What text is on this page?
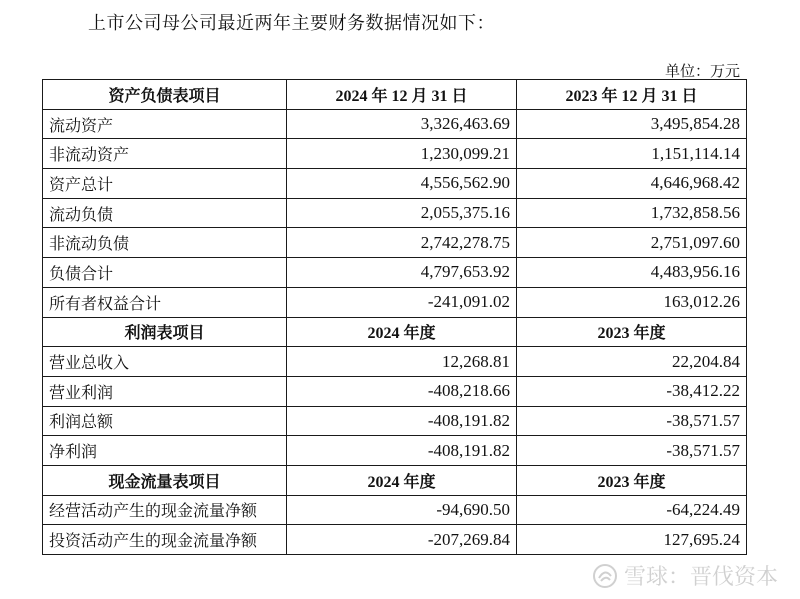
上市公司母公司最近两年主要财务数据情况如下：
单位：万元
资产负债表项目	2024 年 12 月 31 日	2023 年 12 月 31 日
流动资产	3,326,463.69	3,495,854.28
非流动资产	1,230,099.21	1,151,114.14
资产总计	4,556,562.90	4,646,968.42
流动负债	2,055,375.16	1,732,858.56
非流动负债	2,742,278.75	2,751,097.60
负债合计	4,797,653.92	4,483,956.16
所有者权益合计	-241,091.02	163,012.26
利润表项目	2024 年度	2023 年度
营业总收入	12,268.81	22,204.84
营业利润	-408,218.66	-38,412.22
利润总额	-408,191.82	-38,571.57
净利润	-408,191.82	-38,571.57
现金流量表项目	2024 年度	2023 年度
经营活动产生的现金流量净额	-94,690.50	-64,224.49
投资活动产生的现金流量净额	-207,269.84	127,695.24
雪球：晋伐资本
